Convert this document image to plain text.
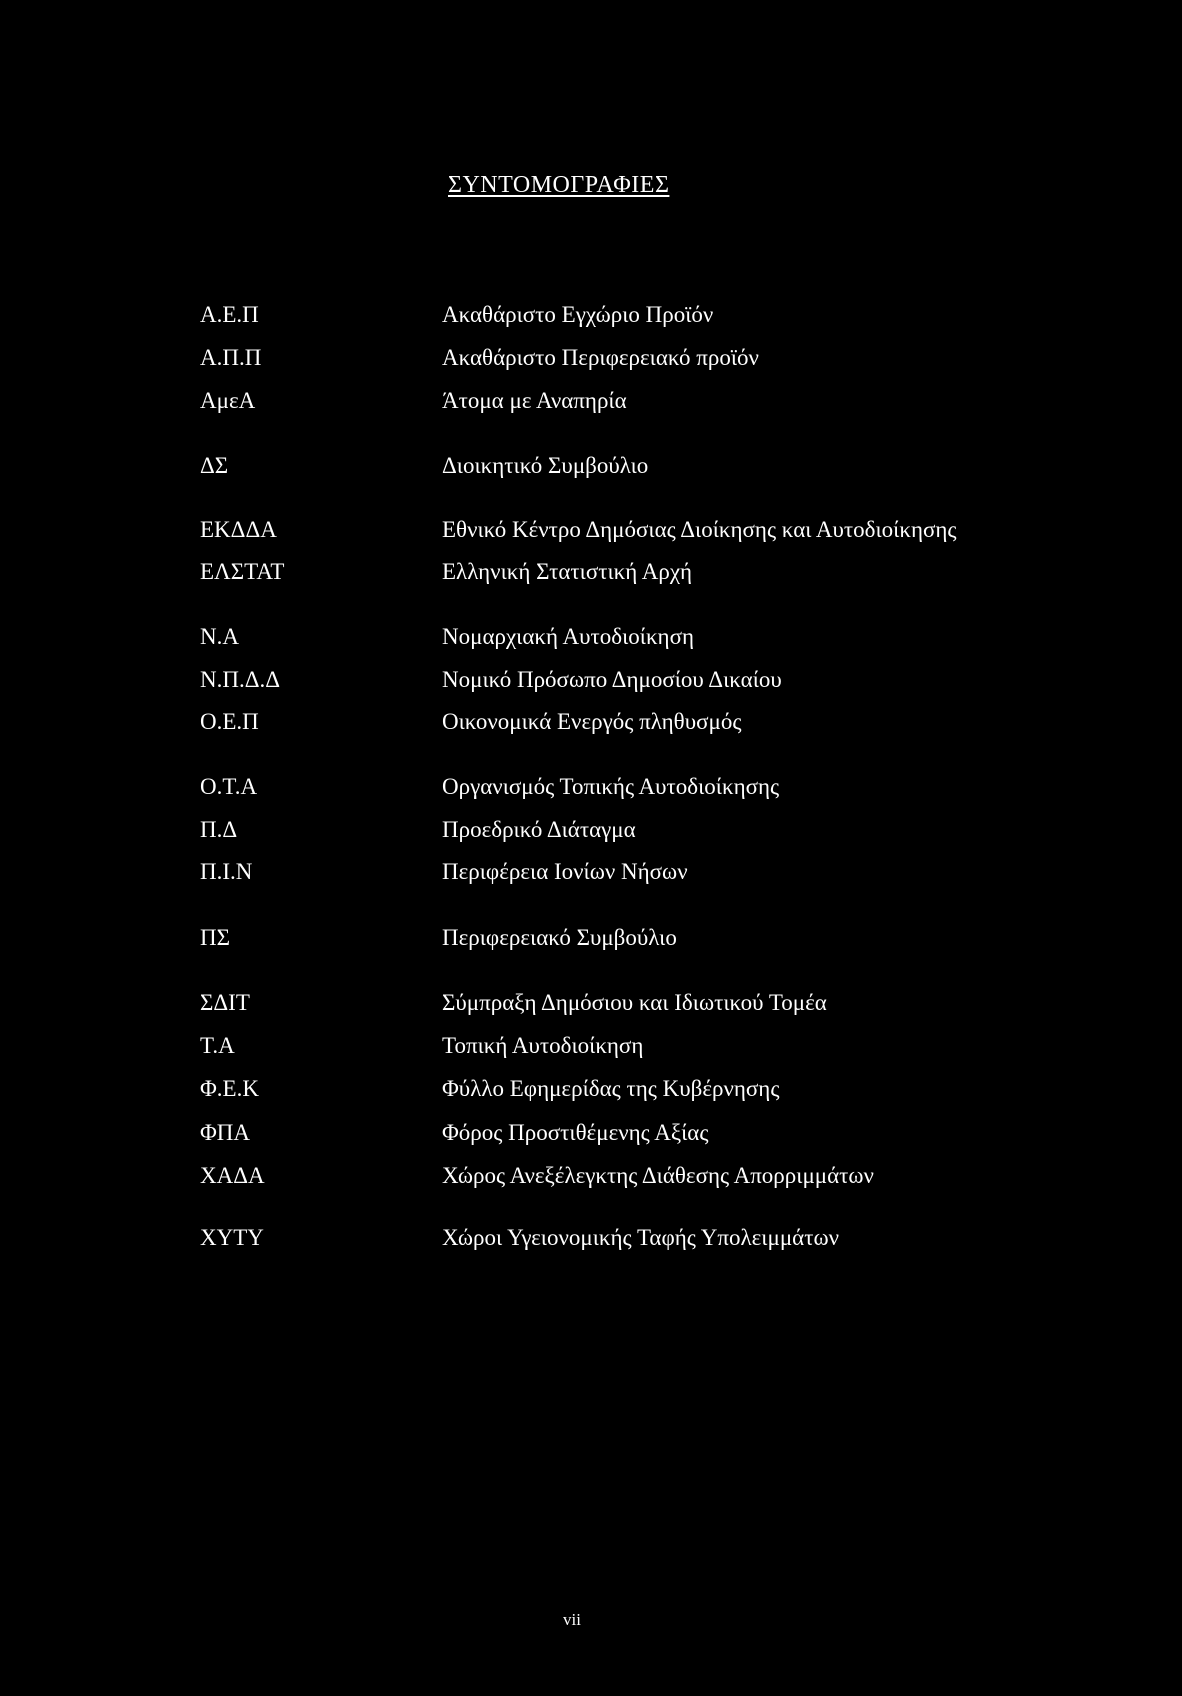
ΣΥΝΤΟΜΟΓΡΑΦΙΕΣ
Α.Ε.Π	Ακαθάριστο Εγχώριο Προϊόν
Α.Π.Π	Ακαθάριστο Περιφερειακό προϊόν
ΑμεΑ	Άτομα με Αναπηρία
ΔΣ	Διοικητικό Συμβούλιο
ΕΚΔΔΑ	Εθνικό Κέντρο Δημόσιας Διοίκησης και Αυτοδιοίκησης
ΕΛΣΤΑΤ	Ελληνική Στατιστική Αρχή
Ν.Α	Νομαρχιακή Αυτοδιοίκηση
Ν.Π.Δ.Δ	Νομικό Πρόσωπο Δημοσίου Δικαίου
Ο.Ε.Π	Οικονομικά Ενεργός πληθυσμός
Ο.Τ.Α	Οργανισμός Τοπικής Αυτοδιοίκησης
Π.Δ	Προεδρικό Διάταγμα
Π.Ι.Ν	Περιφέρεια Ιονίων Νήσων
ΠΣ	Περιφερειακό Συμβούλιο
ΣΔΙΤ	Σύμπραξη Δημόσιου και Ιδιωτικού Τομέα
Τ.Α	Τοπική Αυτοδιοίκηση
Φ.Ε.Κ	Φύλλο Εφημερίδας της Κυβέρνησης
ΦΠΑ	Φόρος Προστιθέμενης Αξίας
ΧΑΔΑ	Χώρος Ανεξέλεγκτης Διάθεσης Απορριμμάτων
ΧΥΤΥ	Χώροι Υγειονομικής Ταφής Υπολειμμάτων
vii
